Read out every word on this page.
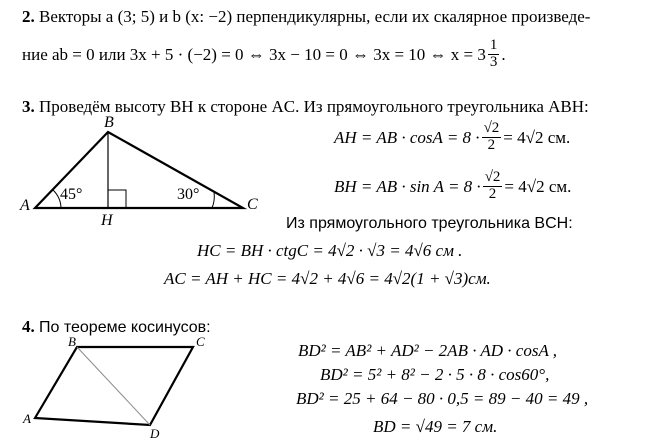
2. Векторы a (3; 5) и b (x: −2) перпендикулярны, если их скалярное произведе-
ние ab = 0 или 3x + 5 · (−2) = 0 ⇔ 3x − 10 = 0 ⇔ 3x = 10 ⇔ $x = 3 \frac{1}{3}$ .
3. Проведём высоту BH к стороне AC. Из прямоугольного треугольника ABH:
B
A	C
H
45°	30°
AH = AB · $\cos A = 8 \cdot \frac{√2}{2} = 4√2$ см.
BH = AB · $\sin A = 8 \cdot \frac{√2}{2} = 4√2$ см.
Из прямоугольного треугольника BCH:
HC = BH · ctgC = 4√2 · √3 = 4√6 см .
AC = AH + HC = 4√2 + 4√6 = 4√2(1 + √3)см.
4. По теореме косинусов:
B	C
A
D
BD² = AB² + AD² − 2AB · AD · cosA ,
BD² = 5² + 8² − 2 · 5 · 8 · cos60°,
BD² = 25 + 64 − 80 · 0,5 = 89 − 40 = 49 ,
BD = √49 = 7 см.
